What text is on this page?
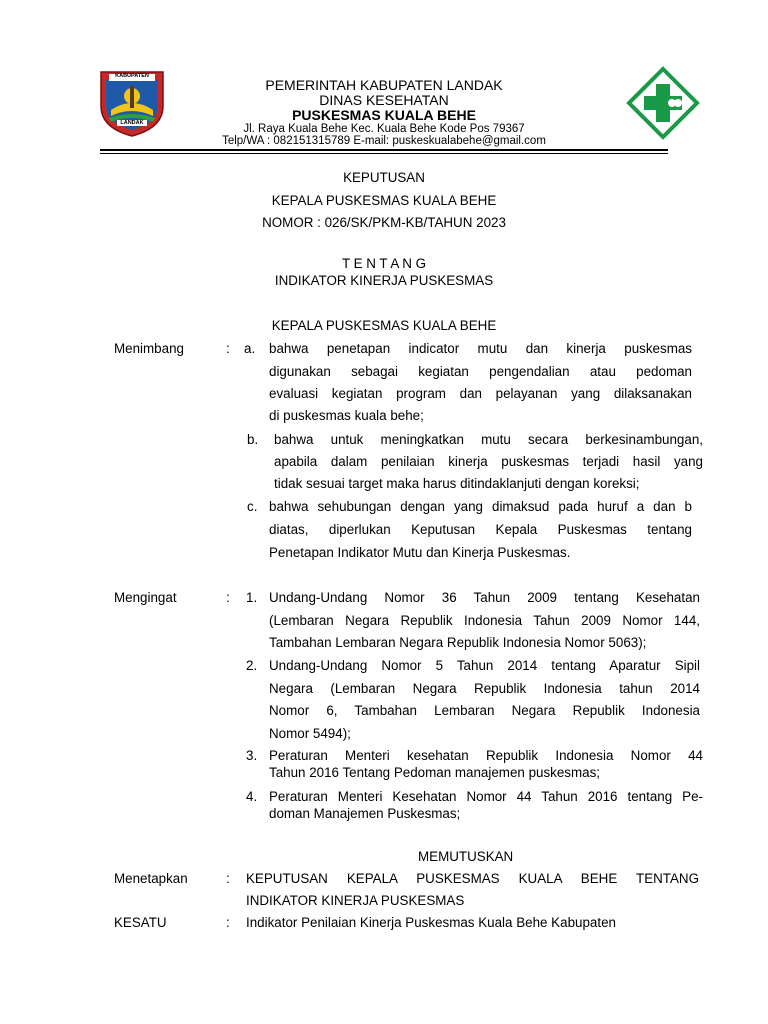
KABUPATEN
LANDAK
PEMERINTAH KABUPATEN LANDAK
DINAS KESEHATAN
PUSKESMAS KUALA BEHE
Jl. Raya Kuala Behe Kec. Kuala Behe Kode Pos 79367
Telp/WA : 082151315789 E-mail: puskeskualabehe@gmail.com
KEPUTUSAN
KEPALA PUSKESMAS KUALA BEHE
NOMOR : 026/SK/PKM-KB/TAHUN 2023
T E N T A N G
INDIKATOR KINERJA PUSKESMAS
KEPALA PUSKESMAS KUALA BEHE
Menimbang	: a. bahwa penetapan indicator mutu dan kinerja puskesmas
digunakan sebagai kegiatan pengendalian atau pedoman
evaluasi kegiatan program dan pelayanan yang dilaksanakan
di puskesmas kuala behe;
b. bahwa untuk meningkatkan mutu secara berkesinambungan,
apabila dalam penilaian kinerja puskesmas terjadi hasil yang
tidak sesuai target maka harus ditindaklanjuti dengan koreksi;
c. bahwa sehubungan dengan yang dimaksud pada huruf a dan b
diatas, diperlukan Keputusan Kepala Puskesmas tentang
Penetapan Indikator Mutu dan Kinerja Puskesmas.
Mengingat	: 1. Undang-Undang Nomor 36 Tahun 2009 tentang Kesehatan
(Lembaran Negara Republik Indonesia Tahun 2009 Nomor 144,
Tambahan Lembaran Negara Republik Indonesia Nomor 5063);
2. Undang-Undang Nomor 5 Tahun 2014 tentang Aparatur Sipil
Negara (Lembaran Negara Republik Indonesia tahun 2014
Nomor 6, Tambahan Lembaran Negara Republik Indonesia
Nomor 5494);
3. Peraturan Menteri kesehatan Republik Indonesia Nomor 44
Tahun 2016 Tentang Pedoman manajemen puskesmas;
4. Peraturan Menteri Kesehatan Nomor 44 Tahun 2016 tentang Pe-
doman Manajemen Puskesmas;
MEMUTUSKAN
Menetapkan	: KEPUTUSAN KEPALA PUSKESMAS KUALA BEHE TENTANG
INDIKATOR KINERJA PUSKESMAS
KESATU	: Indikator Penilaian Kinerja Puskesmas Kuala Behe Kabupaten
